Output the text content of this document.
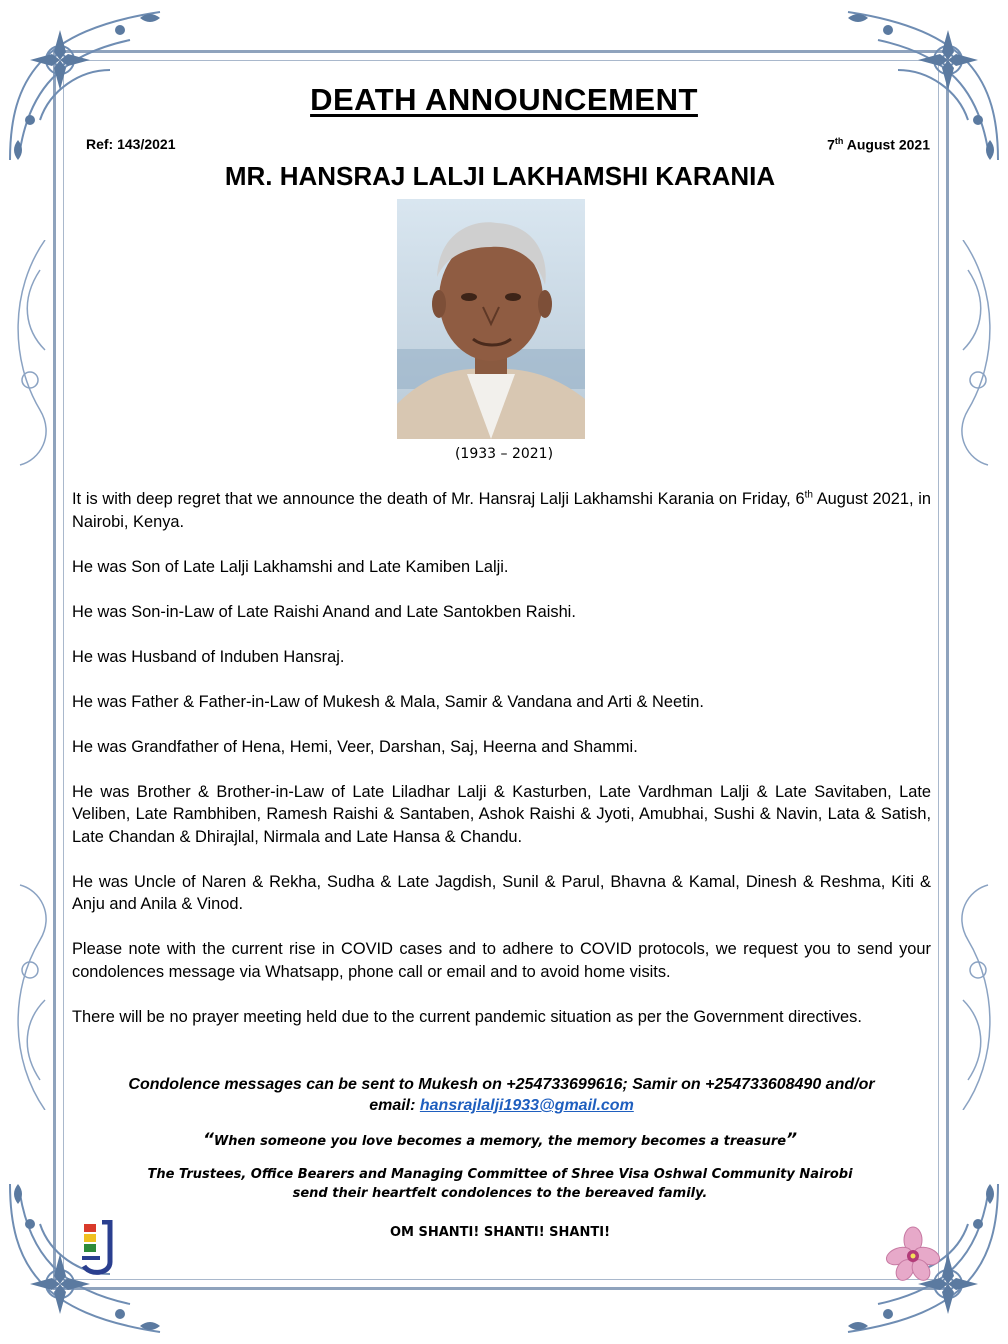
DEATH ANNOUNCEMENT
Ref: 143/2021	7th August 2021
MR. HANSRAJ LALJI LAKHAMSHI KARANIA
(1933 – 2021)

It is with deep regret that we announce the death of Mr. Hansraj Lalji Lakhamshi Karania on Friday, 6th August 2021, in Nairobi, Kenya.

He was Son of Late Lalji Lakhamshi and Late Kamiben Lalji.

He was Son-in-Law of Late Raishi Anand and Late Santokben Raishi.

He was Husband of Induben Hansraj.

He was Father & Father-in-Law of Mukesh & Mala, Samir & Vandana and Arti & Neetin.

He was Grandfather of Hena, Hemi, Veer, Darshan, Saj, Heerna and Shammi.

He was Brother & Brother-in-Law of Late Liladhar Lalji & Kasturben, Late Vardhman Lalji & Late Savitaben, Late Veliben, Late Rambhiben, Ramesh Raishi & Santaben, Ashok Raishi & Jyoti, Amubhai, Sushi & Navin, Lata & Satish, Late Chandan & Dhirajlal, Nirmala and Late Hansa & Chandu.

He was Uncle of Naren & Rekha, Sudha & Late Jagdish, Sunil & Parul, Bhavna & Kamal, Dinesh & Reshma, Kiti & Anju and Anila & Vinod.

Please note with the current rise in COVID cases and to adhere to COVID protocols, we request you to send your condolences message via Whatsapp, phone call or email and to avoid home visits.

There will be no prayer meeting held due to the current pandemic situation as per the Government directives.

Condolence messages can be sent to Mukesh on +254733699616; Samir on +254733608490 and/or
email: hansrajlalji1933@gmail.com
“When someone you love becomes a memory, the memory becomes a treasure”
The Trustees, Office Bearers and Managing Committee of Shree Visa Oshwal Community Nairobi
send their heartfelt condolences to the bereaved family.
OM SHANTI! SHANTI! SHANTI!
